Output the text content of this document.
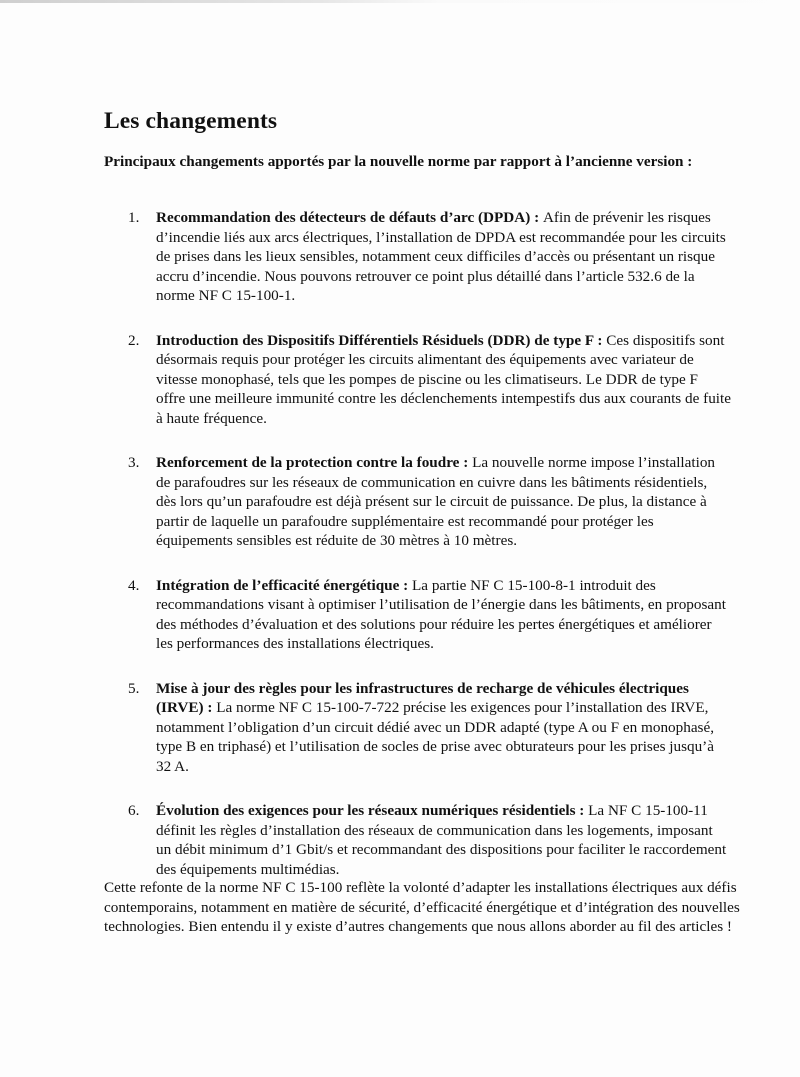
Les changements

Principaux changements apportés par la nouvelle norme par rapport à l’ancienne version :

1. Recommandation des détecteurs de défauts d’arc (DPDA) : Afin de prévenir les risques d’incendie liés aux arcs électriques, l’installation de DPDA est recommandée pour les circuits de prises dans les lieux sensibles, notamment ceux difficiles d’accès ou présentant un risque accru d’incendie. Nous pouvons retrouver ce point plus détaillé dans l’article 532.6 de la norme NF C 15-100-1.
2. Introduction des Dispositifs Différentiels Résiduels (DDR) de type F : Ces dispositifs sont désormais requis pour protéger les circuits alimentant des équipements avec variateur de vitesse monophasé, tels que les pompes de piscine ou les climatiseurs. Le DDR de type F offre une meilleure immunité contre les déclenchements intempestifs dus aux courants de fuite à haute fréquence.
3. Renforcement de la protection contre la foudre : La nouvelle norme impose l’installation de parafoudres sur les réseaux de communication en cuivre dans les bâtiments résidentiels, dès lors qu’un parafoudre est déjà présent sur le circuit de puissance. De plus, la distance à partir de laquelle un parafoudre supplémentaire est recommandé pour protéger les équipements sensibles est réduite de 30 mètres à 10 mètres.
4. Intégration de l’efficacité énergétique : La partie NF C 15-100-8-1 introduit des recommandations visant à optimiser l’utilisation de l’énergie dans les bâtiments, en proposant des méthodes d’évaluation et des solutions pour réduire les pertes énergétiques et améliorer les performances des installations électriques.
5. Mise à jour des règles pour les infrastructures de recharge de véhicules électriques (IRVE) : La norme NF C 15-100-7-722 précise les exigences pour l’installation des IRVE, notamment l’obligation d’un circuit dédié avec un DDR adapté (type A ou F en monophasé, type B en triphasé) et l’utilisation de socles de prise avec obturateurs pour les prises jusqu’à 32 A.
6. Évolution des exigences pour les réseaux numériques résidentiels : La NF C 15-100-11 définit les règles d’installation des réseaux de communication dans les logements, imposant un débit minimum d’1 Gbit/s et recommandant des dispositions pour faciliter le raccordement des équipements multimédias.

Cette refonte de la norme NF C 15-100 reflète la volonté d’adapter les installations électriques aux défis contemporains, notamment en matière de sécurité, d’efficacité énergétique et d’intégration des nouvelles technologies. Bien entendu il y existe d’autres changements que nous allons aborder au fil des articles !
